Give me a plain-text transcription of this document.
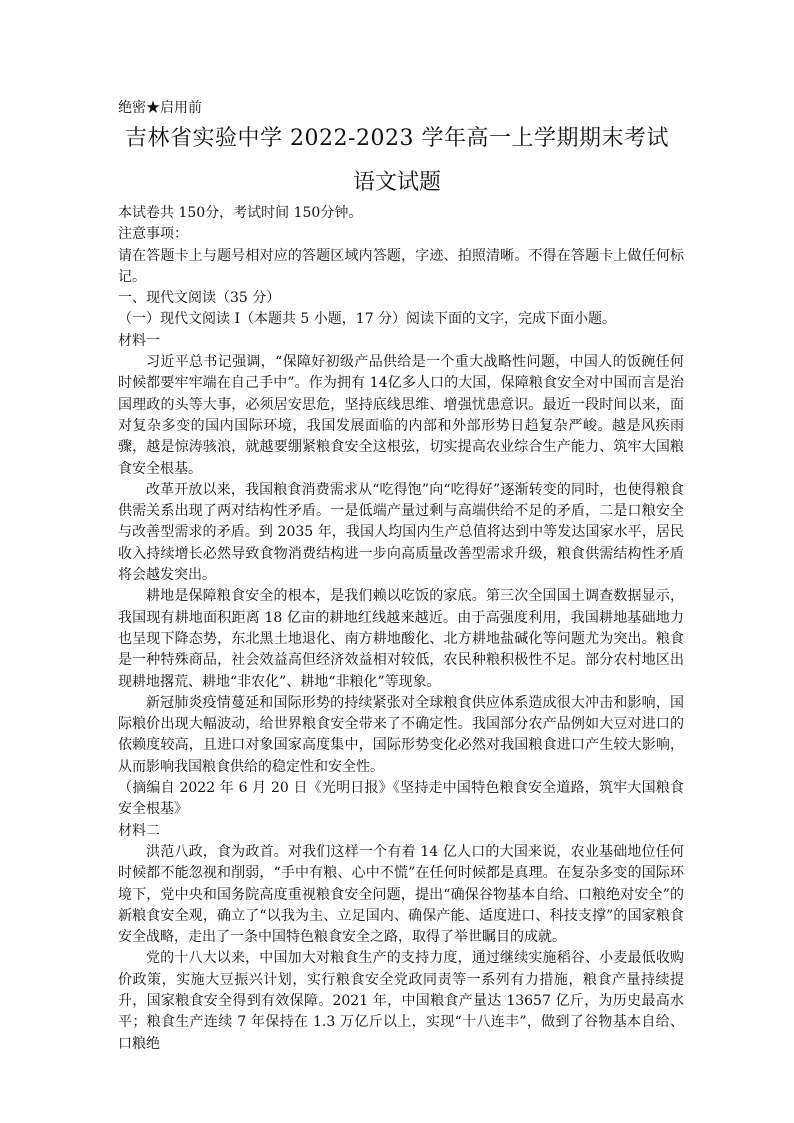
绝密★启用前
吉林省实验中学 2022-2023 学年高一上学期期末考试
语文试题

本试卷共 150分，考试时间 150分钟。

注意事项：

请在答题卡上与题号相对应的答题区域内答题，字迹、拍照清晰。不得在答题卡上做任何标记。

一、现代文阅读（35 分）

（一）现代文阅读 I（本题共 5 小题，17 分）阅读下面的文字，完成下面小题。

材料一

习近平总书记强调，“保障好初级产品供给是一个重大战略性问题，中国人的饭碗任何时候都要牢牢端在自己手中”。作为拥有 14亿多人口的大国，保障粮食安全对中国而言是治国理政的头等大事，必须居安思危，坚持底线思维、增强忧患意识。最近一段时间以来，面对复杂多变的国内国际环境，我国发展面临的内部和外部形势日趋复杂严峻。越是风疾雨骤，越是惊涛骇浪，就越要绷紧粮食安全这根弦，切实提高农业综合生产能力、筑牢大国粮食安全根基。

改革开放以来，我国粮食消费需求从“吃得饱”向“吃得好”逐渐转变的同时，也使得粮食供需关系出现了两对结构性矛盾。一是低端产量过剩与高端供给不足的矛盾，二是口粮安全与改善型需求的矛盾。到 2035 年，我国人均国内生产总值将达到中等发达国家水平，居民收入持续增长必然导致食物消费结构进一步向高质量改善型需求升级，粮食供需结构性矛盾将会越发突出。

耕地是保障粮食安全的根本，是我们赖以吃饭的家底。第三次全国国土调查数据显示，我国现有耕地面积距离 18 亿亩的耕地红线越来越近。由于高强度利用，我国耕地基础地力也呈现下降态势，东北黑土地退化、南方耕地酸化、北方耕地盐碱化等问题尤为突出。粮食是一种特殊商品，社会效益高但经济效益相对较低，农民种粮积极性不足。部分农村地区出现耕地撂荒、耕地“非农化”、耕地“非粮化”等现象。

新冠肺炎疫情蔓延和国际形势的持续紧张对全球粮食供应体系造成很大冲击和影响，国际粮价出现大幅波动，给世界粮食安全带来了不确定性。我国部分农产品例如大豆对进口的依赖度较高，且进口对象国家高度集中，国际形势变化必然对我国粮食进口产生较大影响，从而影响我国粮食供给的稳定性和安全性。

（摘编自 2022 年 6 月 20 日《光明日报》《坚持走中国特色粮食安全道路，筑牢大国粮食安全根基》

材料二

洪范八政，食为政首。对我们这样一个有着 14 亿人口的大国来说，农业基础地位任何时候都不能忽视和削弱，“手中有粮、心中不慌”在任何时候都是真理。在复杂多变的国际环境下，党中央和国务院高度重视粮食安全问题，提出“确保谷物基本自给、口粮绝对安全”的新粮食安全观，确立了“以我为主、立足国内、确保产能、适度进口、科技支撑”的国家粮食安全战略，走出了一条中国特色粮食安全之路，取得了举世瞩目的成就。

党的十八大以来，中国加大对粮食生产的支持力度，通过继续实施稻谷、小麦最低收购价政策，实施大豆振兴计划，实行粮食安全党政同责等一系列有力措施，粮食产量持续提升，国家粮食安全得到有效保障。2021 年，中国粮食产量达 13657 亿斤，为历史最高水平；粮食生产连续 7 年保持在 1.3 万亿斤以上，实现“十八连丰”，做到了谷物基本自给、口粮绝
